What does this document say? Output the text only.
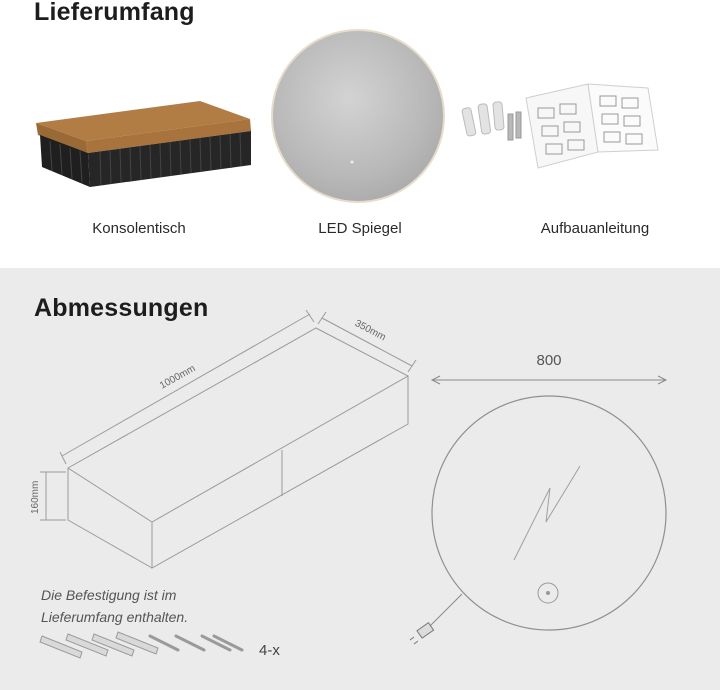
Lieferumfang
Konsolentisch	LED Spiegel	Aufbauanleitung
Abmessungen
1000mm
350mm
160mm
800
Die Befestigung ist im
Lieferumfang enthalten.
4-x
